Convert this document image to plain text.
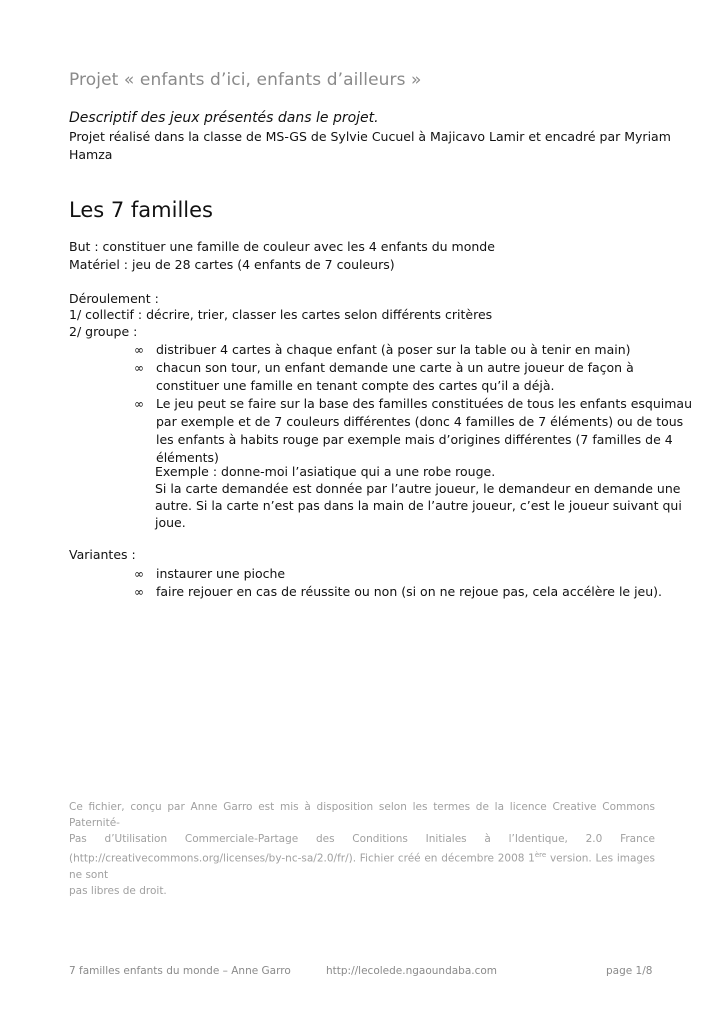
Projet « enfants d’ici, enfants d’ailleurs »
Descriptif des jeux présentés dans le projet.
Projet réalisé dans la classe de MS-GS de Sylvie Cucuel à Majicavo Lamir et encadré par Myriam
Hamza
Les 7 familles
But : constituer une famille de couleur avec les 4 enfants du monde
Matériel : jeu de 28 cartes (4 enfants de 7 couleurs)
Déroulement :
1/ collectif : décrire, trier, classer les cartes selon différents critères
2/ groupe :
∞ distribuer 4 cartes à chaque enfant (à poser sur la table ou à tenir en main)
∞ chacun son tour, un enfant demande une carte à un autre joueur de façon à
constituer une famille en tenant compte des cartes qu’il a déjà.
∞ Le jeu peut se faire sur la base des familles constituées de tous les enfants esquimau
par exemple et de 7 couleurs différentes (donc 4 familles de 7 éléments) ou de tous
les enfants à habits rouge par exemple mais d’origines différentes (7 familles de 4
éléments)
Exemple : donne-moi l’asiatique qui a une robe rouge.
Si la carte demandée est donnée par l’autre joueur, le demandeur en demande une
autre. Si la carte n’est pas dans la main de l’autre joueur, c’est le joueur suivant qui
joue.
Variantes :
∞ instaurer une pioche
∞ faire rejouer en cas de réussite ou non (si on ne rejoue pas, cela accélère le jeu).
Ce fichier, conçu par Anne Garro est mis à disposition selon les termes de la licence Creative Commons Paternité-
Pas d’Utilisation Commerciale-Partage des Conditions Initiales à l’Identique, 2.0 France
(http://creativecommons.org/licenses/by-nc-sa/2.0/fr/). Fichier créé en décembre 2008 1ère version. Les images ne sont
pas libres de droit.
7 familles enfants du monde – Anne Garro	http://lecolede.ngaoundaba.com	page 1/8
